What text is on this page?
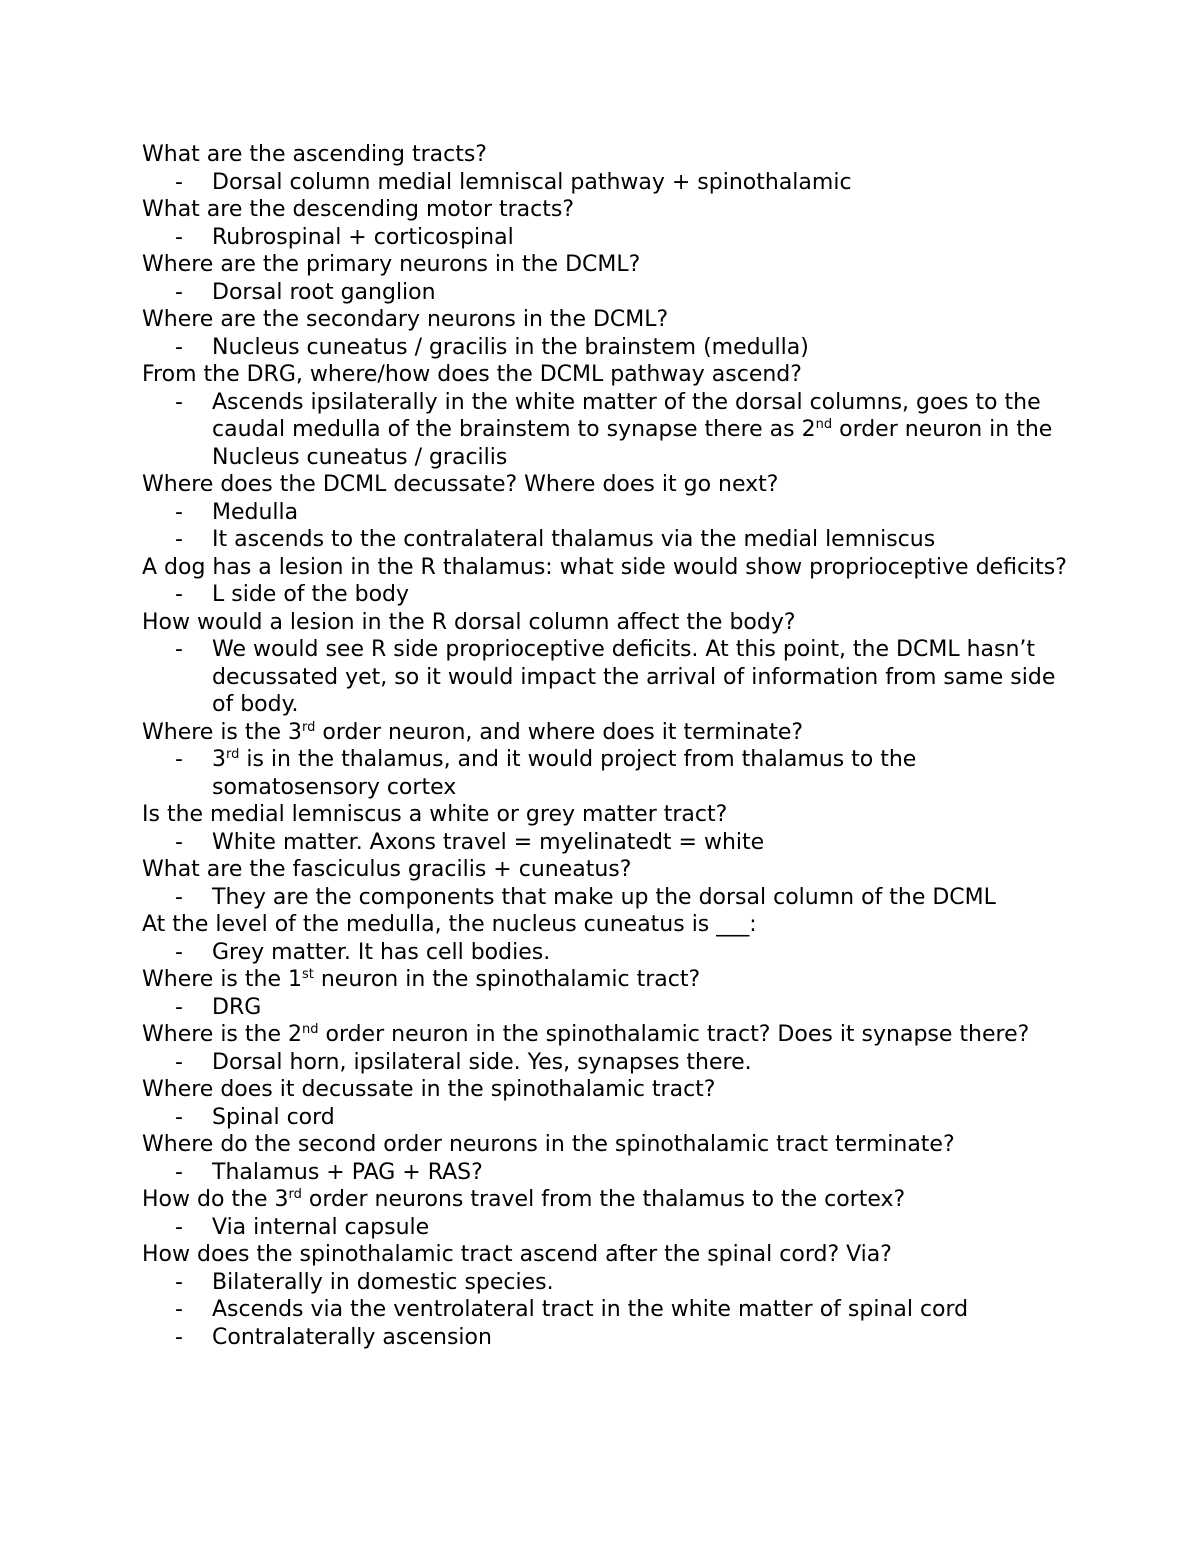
What are the ascending tracts?

- Dorsal column medial lemniscal pathway + spinothalamic

What are the descending motor tracts?

- Rubrospinal + corticospinal

Where are the primary neurons in the DCML?

- Dorsal root ganglion

Where are the secondary neurons in the DCML?

- Nucleus cuneatus / gracilis in the brainstem (medulla)

From the DRG, where/how does the DCML pathway ascend?

- Ascends ipsilaterally in the white matter of the dorsal columns, goes to the caudal medulla of the brainstem to synapse there as 2nd order neuron in the Nucleus cuneatus / gracilis

Where does the DCML decussate? Where does it go next?

- Medulla
- It ascends to the contralateral thalamus via the medial lemniscus

A dog has a lesion in the R thalamus: what side would show proprioceptive deficits?

- L side of the body

How would a lesion in the R dorsal column affect the body?

- We would see R side proprioceptive deficits. At this point, the DCML hasn’t decussated yet, so it would impact the arrival of information from same side of body.

Where is the 3rd order neuron, and where does it terminate?

- 3rd is in the thalamus, and it would project from thalamus to the somatosensory cortex

Is the medial lemniscus a white or grey matter tract?

- White matter. Axons travel = myelinatedt = white

What are the fasciculus gracilis + cuneatus?

- They are the components that make up the dorsal column of the DCML

At the level of the medulla, the nucleus cuneatus is ___:

- Grey matter. It has cell bodies.

Where is the 1st neuron in the spinothalamic tract?

- DRG

Where is the 2nd order neuron in the spinothalamic tract? Does it synapse there?

- Dorsal horn, ipsilateral side. Yes, synapses there.

Where does it decussate in the spinothalamic tract?

- Spinal cord

Where do the second order neurons in the spinothalamic tract terminate?

- Thalamus + PAG + RAS?

How do the 3rd order neurons travel from the thalamus to the cortex?

- Via internal capsule

How does the spinothalamic tract ascend after the spinal cord? Via?

- Bilaterally in domestic species.
- Ascends via the ventrolateral tract in the white matter of spinal cord
- Contralaterally ascension
